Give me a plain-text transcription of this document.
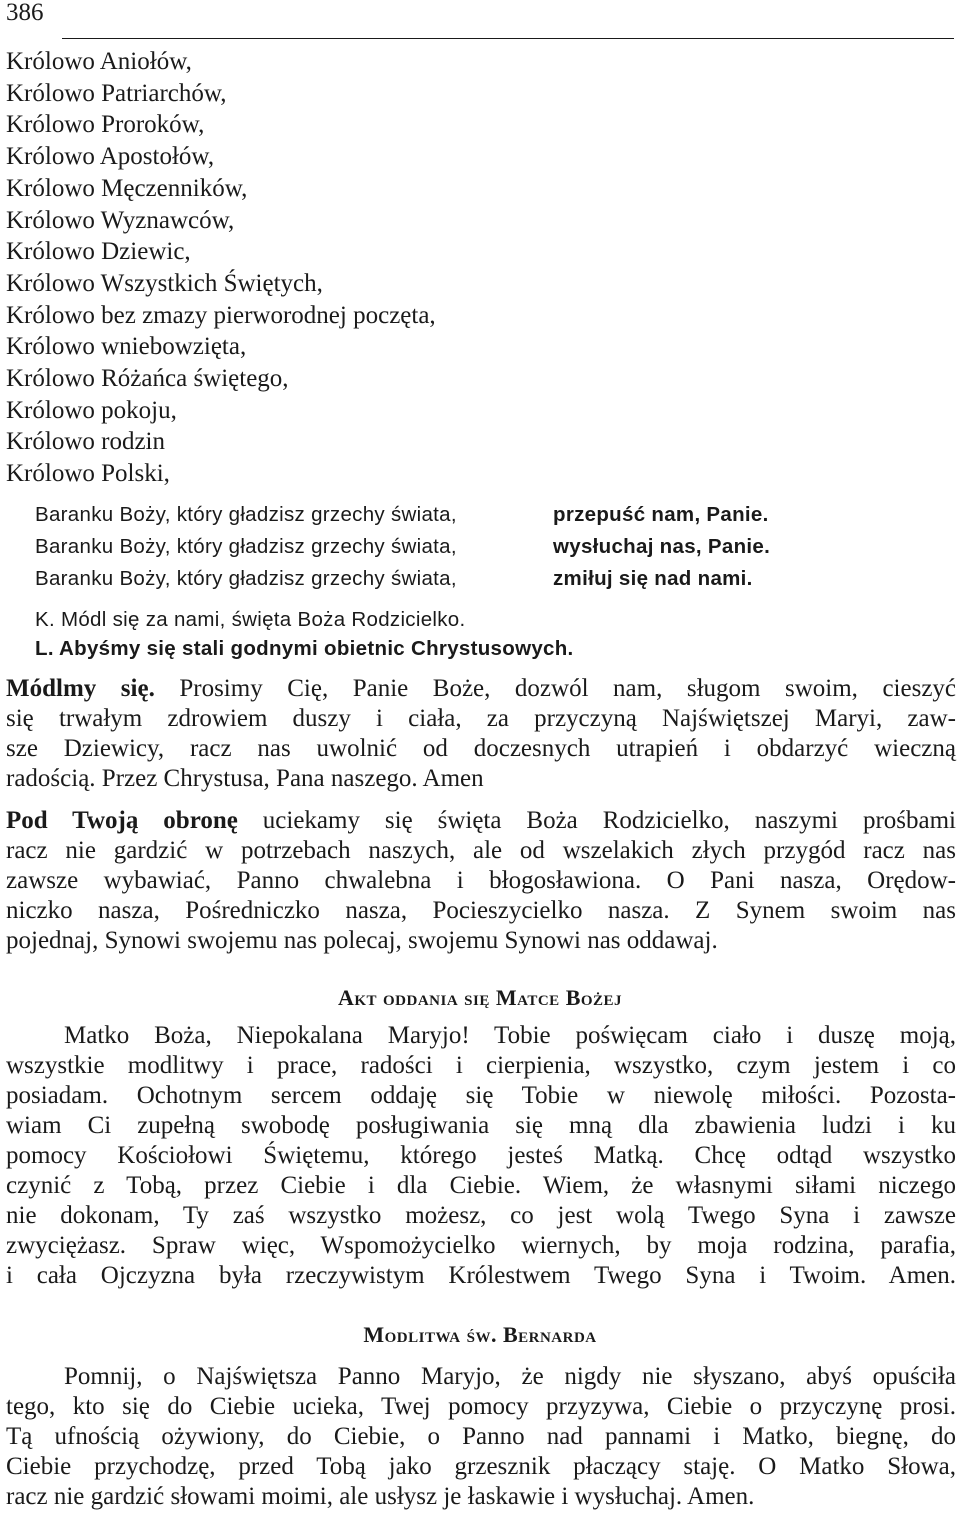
386
Królowo Aniołów,
Królowo Patriarchów,
Królowo Proroków,
Królowo Apostołów,
Królowo Męczenników,
Królowo Wyznawców,
Królowo Dziewic,
Królowo Wszystkich Świętych,
Królowo bez zmazy pierworodnej poczęta,
Królowo wniebowzięta,
Królowo Różańca świętego,
Królowo pokoju,
Królowo rodzin
Królowo Polski,
Baranku Boży, który gładzisz grzechy świata,	przepuść nam, Panie.
Baranku Boży, który gładzisz grzechy świata,	wysłuchaj nas, Panie.
Baranku Boży, który gładzisz grzechy świata,	zmiłuj się nad nami.
K. Módl się za nami, święta Boża Rodzicielko.
L. Abyśmy się stali godnymi obietnic Chrystusowych.
Módlmy się. Prosimy Cię, Panie Boże, dozwól nam, sługom swoim, cieszyć
się trwałym zdrowiem duszy i ciała, za przyczyną Najświętszej Maryi, zaw-
sze Dziewicy, racz nas uwolnić od doczesnych utrapień i obdarzyć wieczną
radością. Przez Chrystusa, Pana naszego. Amen
Pod Twoją obronę uciekamy się święta Boża Rodzicielko, naszymi prośbami
racz nie gardzić w potrzebach naszych, ale od wszelakich złych przygód racz nas
zawsze wybawiać, Panno chwalebna i błogosławiona. O Pani nasza, Orędow-
niczko nasza, Pośredniczko nasza, Pocieszycielko nasza. Z Synem swoim nas
pojednaj, Synowi swojemu nas polecaj, swojemu Synowi nas oddawaj.
Akt oddania się Matce Bożej
Matko Boża, Niepokalana Maryjo! Tobie poświęcam ciało i duszę moją,
wszystkie modlitwy i prace, radości i cierpienia, wszystko, czym jestem i co
posiadam. Ochotnym sercem oddaję się Tobie w niewolę miłości. Pozosta-
wiam Ci zupełną swobodę posługiwania się mną dla zbawienia ludzi i ku
pomocy Kościołowi Świętemu, którego jesteś Matką. Chcę odtąd wszystko
czynić z Tobą, przez Ciebie i dla Ciebie. Wiem, że własnymi siłami niczego
nie dokonam, Ty zaś wszystko możesz, co jest wolą Twego Syna i zawsze
zwyciężasz. Spraw więc, Wspomożycielko wiernych, by moja rodzina, parafia,
i cała Ojczyzna była rzeczywistym Królestwem Twego Syna i Twoim. Amen.
Modlitwa św. Bernarda
Pomnij, o Najświętsza Panno Maryjo, że nigdy nie słyszano, abyś opuściła
tego, kto się do Ciebie ucieka, Twej pomocy przyzywa, Ciebie o przyczynę prosi.
Tą ufnością ożywiony, do Ciebie, o Panno nad pannami i Matko, biegnę, do
Ciebie przychodzę, przed Tobą jako grzesznik płaczący staję. O Matko Słowa,
racz nie gardzić słowami moimi, ale usłysz je łaskawie i wysłuchaj. Amen.
